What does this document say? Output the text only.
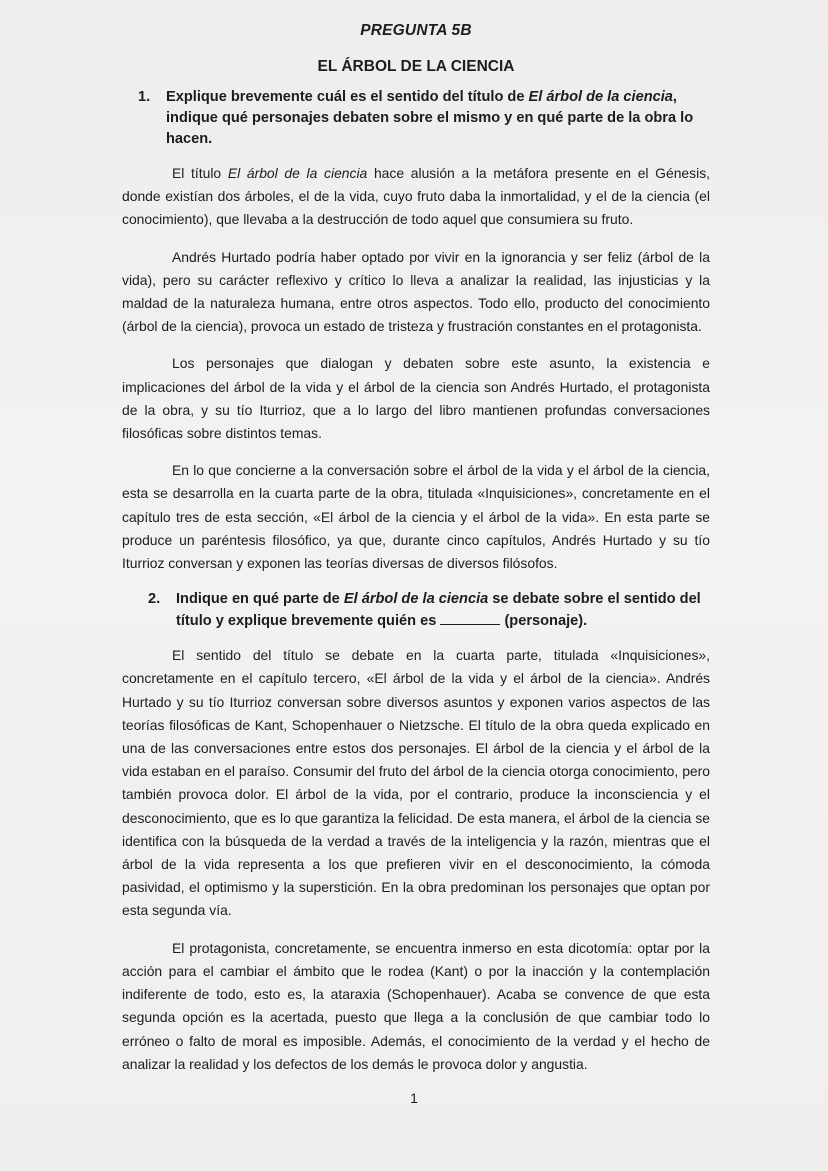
PREGUNTA 5B
EL ÁRBOL DE LA CIENCIA
1.	Explique brevemente cuál es el sentido del título de El árbol de la ciencia, indique qué personajes debaten sobre el mismo y en qué parte de la obra lo hacen.

El título El árbol de la ciencia hace alusión a la metáfora presente en el Génesis, donde existían dos árboles, el de la vida, cuyo fruto daba la inmortalidad, y el de la ciencia (el conocimiento), que llevaba a la destrucción de todo aquel que consumiera su fruto.

Andrés Hurtado podría haber optado por vivir en la ignorancia y ser feliz (árbol de la vida), pero su carácter reflexivo y crítico lo lleva a analizar la realidad, las injusticias y la maldad de la naturaleza humana, entre otros aspectos. Todo ello, producto del conocimiento (árbol de la ciencia), provoca un estado de tristeza y frustración constantes en el protagonista.

Los personajes que dialogan y debaten sobre este asunto, la existencia e implicaciones del árbol de la vida y el árbol de la ciencia son Andrés Hurtado, el protagonista de la obra, y su tío Iturrioz, que a lo largo del libro mantienen profundas conversaciones filosóficas sobre distintos temas.

En lo que concierne a la conversación sobre el árbol de la vida y el árbol de la ciencia, esta se desarrolla en la cuarta parte de la obra, titulada «Inquisiciones», concretamente en el capítulo tres de esta sección, «El árbol de la ciencia y el árbol de la vida». En esta parte se produce un paréntesis filosófico, ya que, durante cinco capítulos, Andrés Hurtado y su tío Iturrioz conversan y exponen las teorías diversas de diversos filósofos.

2.	Indique en qué parte de El árbol de la ciencia se debate sobre el sentido del título y explique brevemente quién es	(personaje).

El sentido del título se debate en la cuarta parte, titulada «Inquisiciones», concretamente en el capítulo tercero, «El árbol de la vida y el árbol de la ciencia». Andrés Hurtado y su tío Iturrioz conversan sobre diversos asuntos y exponen varios aspectos de las teorías filosóficas de Kant, Schopenhauer o Nietzsche. El título de la obra queda explicado en una de las conversaciones entre estos dos personajes. El árbol de la ciencia y el árbol de la vida estaban en el paraíso. Consumir del fruto del árbol de la ciencia otorga conocimiento, pero también provoca dolor. El árbol de la vida, por el contrario, produce la inconsciencia y el desconocimiento, que es lo que garantiza la felicidad. De esta manera, el árbol de la ciencia se identifica con la búsqueda de la verdad a través de la inteligencia y la razón, mientras que el árbol de la vida representa a los que prefieren vivir en el desconocimiento, la cómoda pasividad, el optimismo y la superstición. En la obra predominan los personajes que optan por esta segunda vía.

El protagonista, concretamente, se encuentra inmerso en esta dicotomía: optar por la acción para el cambiar el ámbito que le rodea (Kant) o por la inacción y la contemplación indiferente de todo, esto es, la ataraxia (Schopenhauer). Acaba se convence de que esta segunda opción es la acertada, puesto que llega a la conclusión de que cambiar todo lo erróneo o falto de moral es imposible. Además, el conocimiento de la verdad y el hecho de analizar la realidad y los defectos de los demás le provoca dolor y angustia.

1
